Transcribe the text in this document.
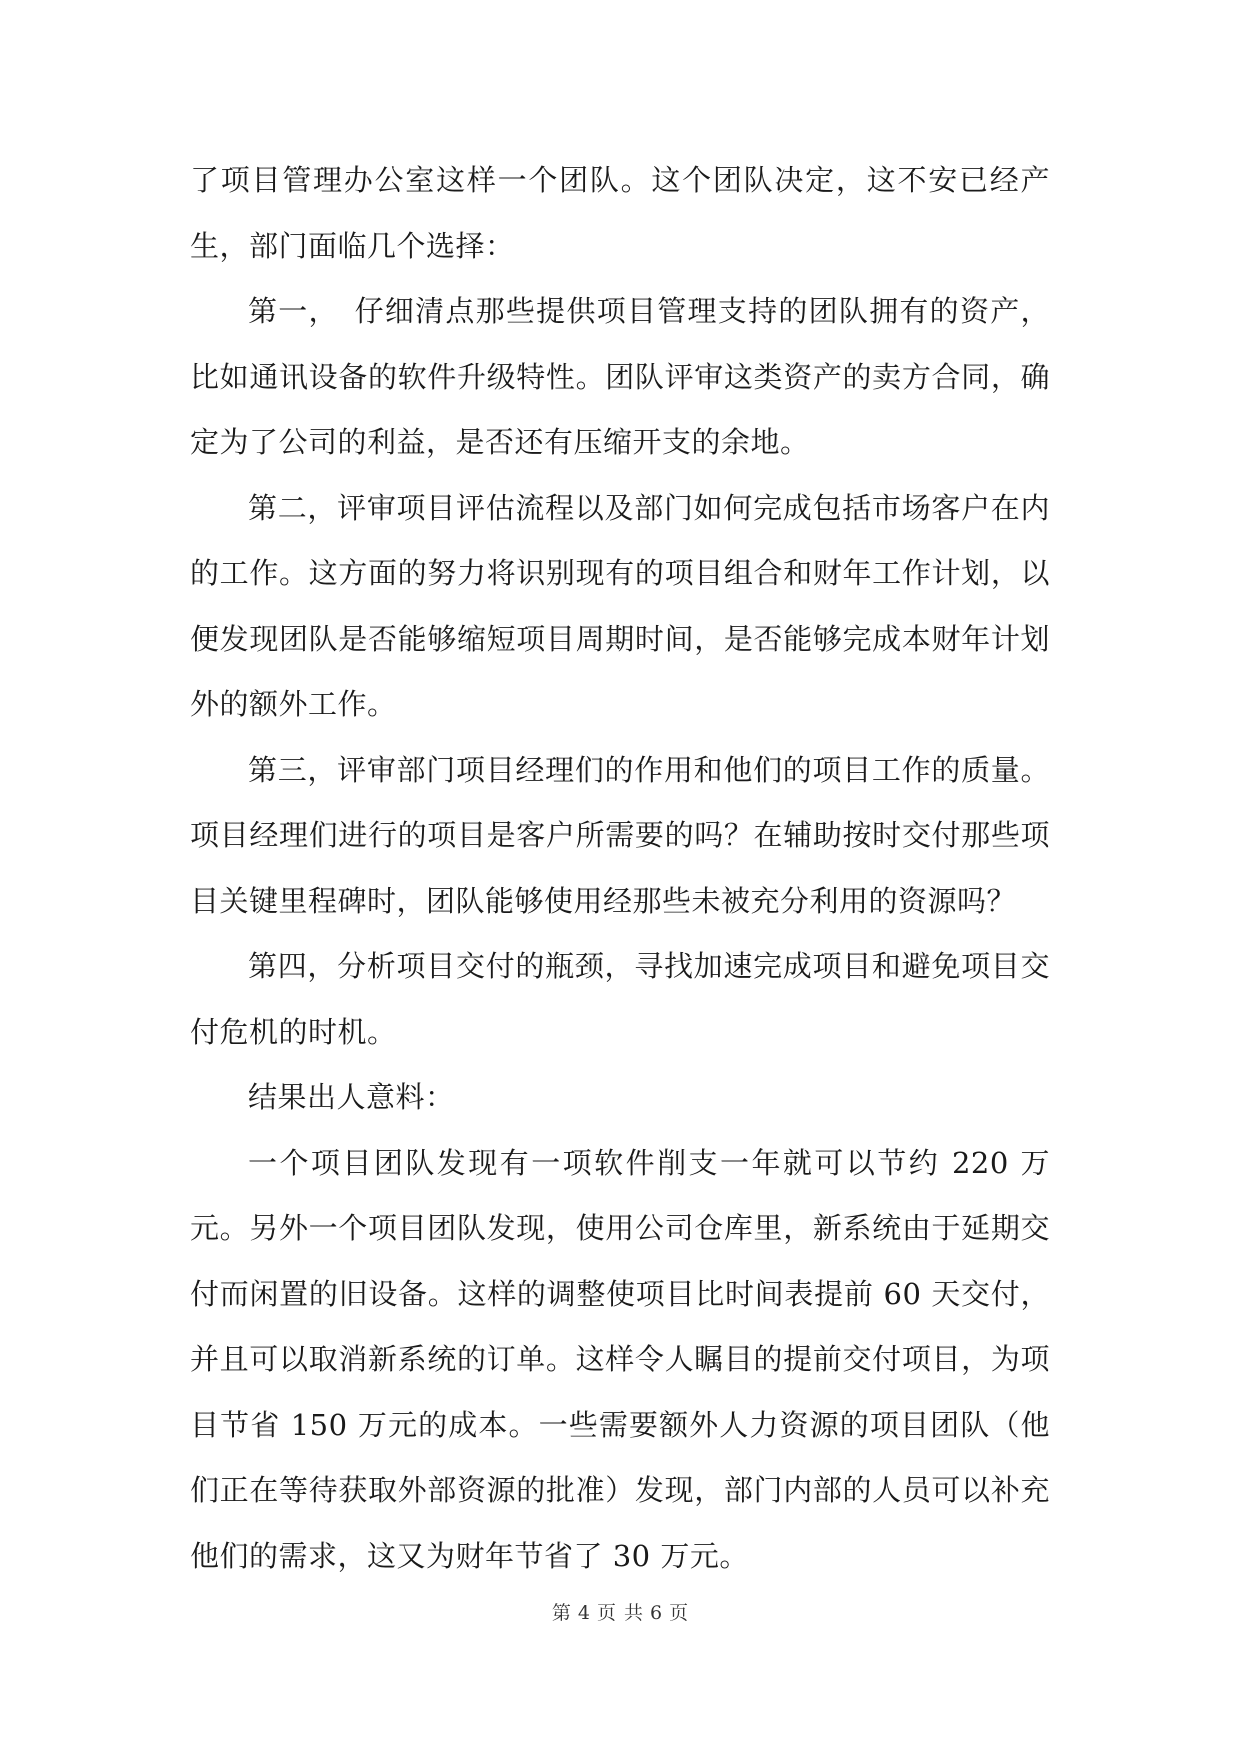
了项目管理办公室这样一个团队。这个团队决定，这不安已经产生，部门面临几个选择：

第一，　仔细清点那些提供项目管理支持的团队拥有的资产，比如通讯设备的软件升级特性。团队评审这类资产的卖方合同，确定为了公司的利益，是否还有压缩开支的余地。

第二，评审项目评估流程以及部门如何完成包括市场客户在内的工作。这方面的努力将识别现有的项目组合和财年工作计划，以便发现团队是否能够缩短项目周期时间，是否能够完成本财年计划外的额外工作。

第三，评审部门项目经理们的作用和他们的项目工作的质量。项目经理们进行的项目是客户所需要的吗？在辅助按时交付那些项目关键里程碑时，团队能够使用经那些未被充分利用的资源吗？

第四，分析项目交付的瓶颈，寻找加速完成项目和避免项目交付危机的时机。

结果出人意料：

一个项目团队发现有一项软件削支一年就可以节约 220 万元。另外一个项目团队发现，使用公司仓库里，新系统由于延期交付而闲置的旧设备。这样的调整使项目比时间表提前 60 天交付，并且可以取消新系统的订单。这样令人瞩目的提前交付项目，为项目节省 150 万元的成本。一些需要额外人力资源的项目团队（他们正在等待获取外部资源的批准）发现，部门内部的人员可以补充他们的需求，这又为财年节省了 30 万元。

第 4 页 共 6 页
